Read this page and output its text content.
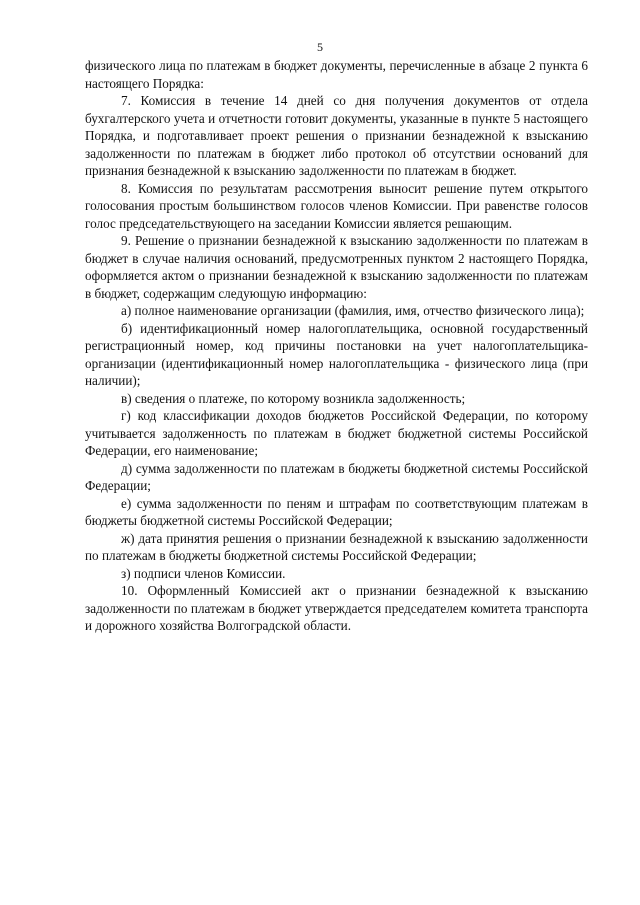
5

физического лица по платежам в бюджет документы, перечисленные в абзаце 2 пункта 6 настоящего Порядка:

7. Комиссия в течение 14 дней со дня получения документов от отдела бухгалтерского учета и отчетности готовит документы, указанные в пункте 5 настоящего Порядка, и подготавливает проект решения о признании безнадежной к взысканию задолженности по платежам в бюджет либо протокол об отсутствии оснований для признания безнадежной к взысканию задолженности по платежам в бюджет.

8. Комиссия по результатам рассмотрения выносит решение путем открытого голосования простым большинством голосов членов Комиссии. При равенстве голосов голос председательствующего на заседании Комиссии является решающим.

9. Решение о признании безнадежной к взысканию задолженности по платежам в бюджет в случае наличия оснований, предусмотренных пунктом 2 настоящего Порядка, оформляется актом о признании безнадежной к взысканию задолженности по платежам в бюджет, содержащим следующую информацию:

а) полное наименование организации (фамилия, имя, отчество физического лица);

б) идентификационный номер налогоплательщика, основной государственный регистрационный номер, код причины постановки на учет налогоплательщика-организации (идентификационный номер налогоплательщика - физического лица (при наличии);

в) сведения о платеже, по которому возникла задолженность;

г) код классификации доходов бюджетов Российской Федерации, по которому учитывается задолженность по платежам в бюджет бюджетной системы Российской Федерации, его наименование;

д) сумма задолженности по платежам в бюджеты бюджетной системы Российской Федерации;

е) сумма задолженности по пеням и штрафам по соответствующим платежам в бюджеты бюджетной системы Российской Федерации;

ж) дата принятия решения о признании безнадежной к взысканию задолженности по платежам в бюджеты бюджетной системы Российской Федерации;

з) подписи членов Комиссии.

10. Оформленный Комиссией акт о признании безнадежной к взысканию задолженности по платежам в бюджет утверждается председателем комитета транспорта и дорожного хозяйства Волгоградской области.
